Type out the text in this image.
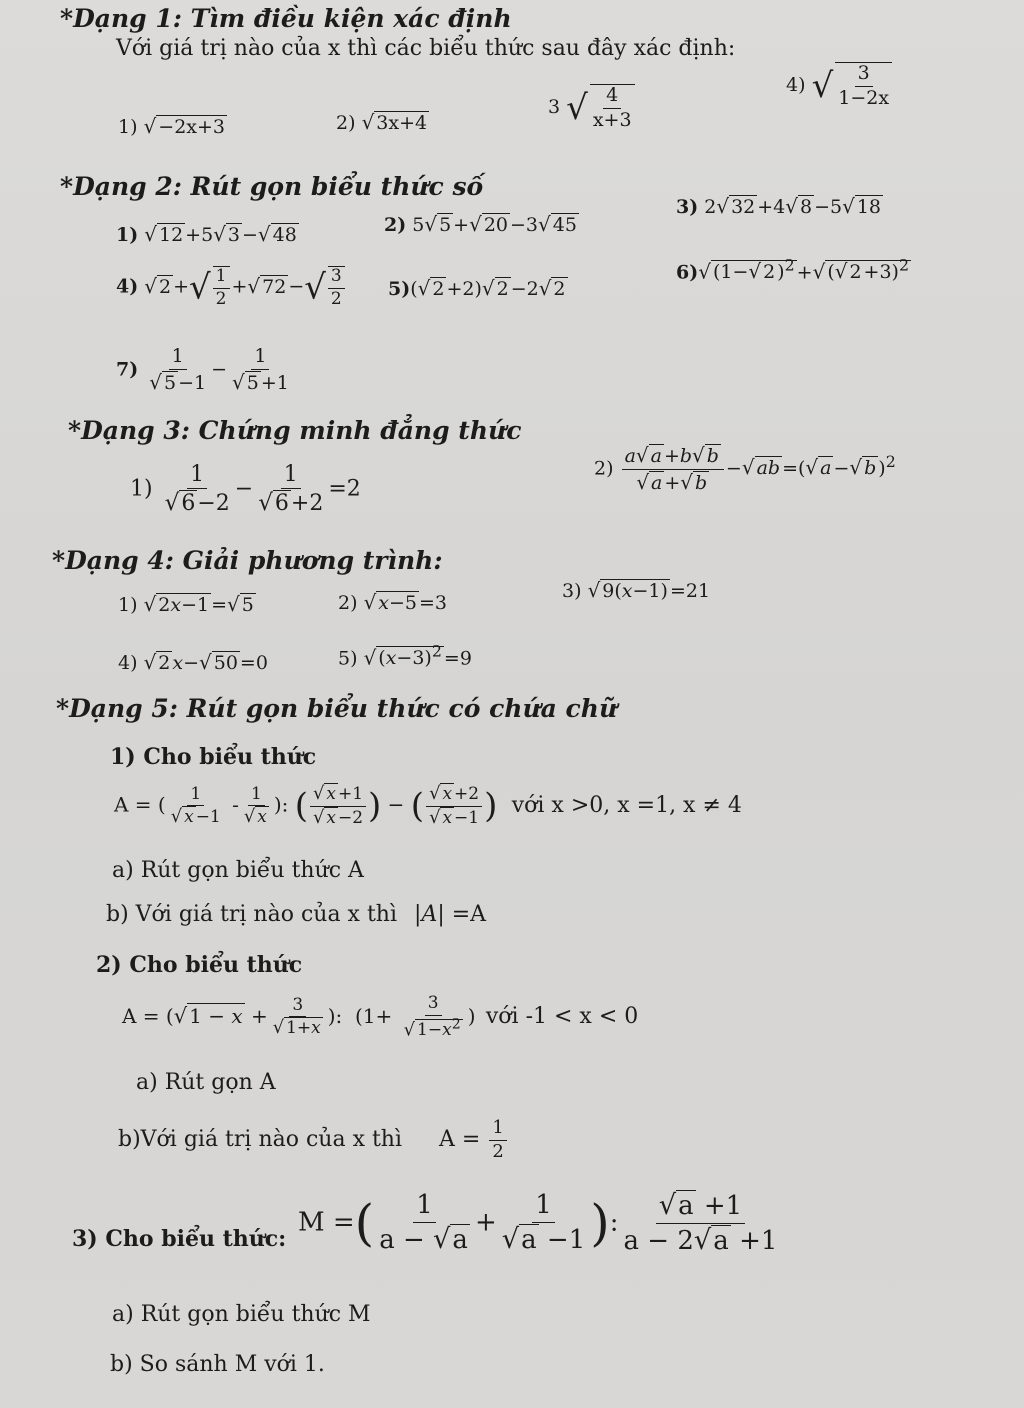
*Dạng 1: Tìm điều kiện xác định
Với giá trị nào của x thì các biểu thức sau đây xác định:
1) √ −2x+3	2) √ 3x+4
3 √ $\frac{4}{x+3}$	4) √ $\frac{3}{1-2x}$
*Dạng 2: Rút gọn biểu thức số
1) √ 12 +5√ 3 −√ 48	2) 5√ 5 +√ 20 −3√ 45
3) 2√ 32 +4√ 8 −5√ 18
4) √ 2 +√ $\frac{1}{2}$ +√ 72 −√ $\frac{3}{2} 5)(√$ 2 +2)√ 2 −2√ 2
6)√ (1−√ 2 )$^2$ +√ (√ 2 +3)$^2$
$7) \frac{1}{√ 5 -1} - \frac{1}{√ 5 +1}$
*Dạng 3: Chứng minh đẳng thức
$1) \frac{1}{√6-2} - \frac{1}{√6+2} =2$
$2) \frac{a√ a +b√ b}{√ a +√ b}$ −√ ab =(√ a −√ b )$^2$
*Dạng 4: Giải phương trình:
1) √ 2x−1 =√ 5	2) √ x−5 =3
3) √ 9(x−1) =21
4) √ 2 x−√ 50 =0	5) √ $(x-3)^2 =9$
*Dạng 5: Rút gọn biểu thức có chứa chữ
1) Cho biểu thức
A = ( $\frac{1}{√ x -1} - \frac{1}{√ x}$ ): ( $\frac{√ x +1}{√ x -2}$ ) − ( $\frac{√ x +2}{√ x -1}$ ) với x >0, x =1, x ≠ 4
a) Rút gọn biểu thức A
b) Với giá trị nào của x thì |A| =A
2) Cho biểu thức
A = (√ $1 - x + \frac{3}{√ 1+x}$ ):  ($1+ \frac{3}{√ 1-x^2}$ ) với -1 < x < 0
a) Rút gọn A
b)Với giá trị nào của x thì $A = \frac{1}{2}$
3) Cho biểu thức:
M =( $\frac{1}{a - √a} + \frac{1}{√a -1}$ ): $\frac{√a +1}{a - 2√a +1}$
a) Rút gọn biểu thức M
b) So sánh M với 1.
